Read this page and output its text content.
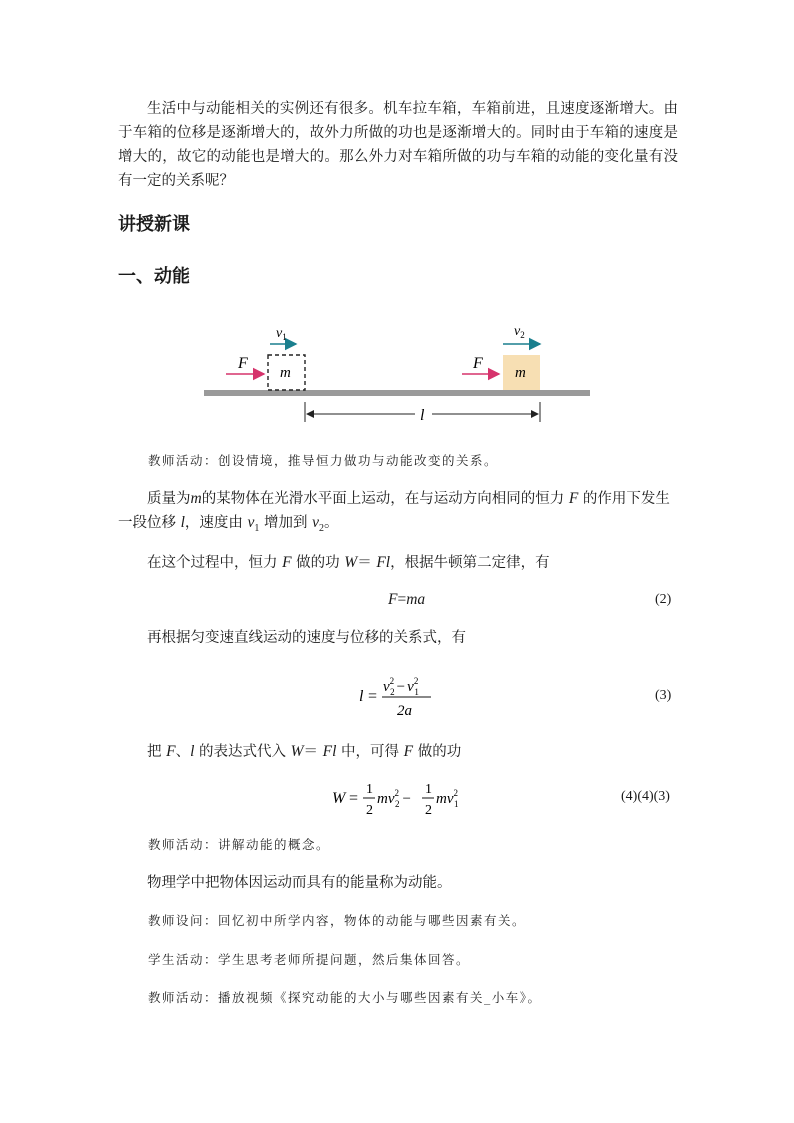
生活中与动能相关的实例还有很多。机车拉车箱，车箱前进，且速度逐渐增大。由于车箱的位移是逐渐增大的，故外力所做的功也是逐渐增大的。同时由于车箱的速度是增大的，故它的动能也是增大的。那么外力对车箱所做的功与车箱的动能的变化量有没有一定的关系呢？
讲授新课
一、动能
m
F
$v_1$
m
F
$v_2$
l
教师活动：创设情境，推导恒力做功与动能改变的关系。
质量为m的某物体在光滑水平面上运动，在与运动方向相同的恒力 F 的作用下发生一段位移 l，速度由 $v_1$ 增加到 $v_2$。
在这个过程中，恒力 F 做的功 W＝ Fl，根据牛顿第二定律，有
F=ma	(2)
再根据匀变速直线运动的速度与位移的关系式，有
l =
$v^2$ $2 - v^2$ 1
2a
(3)
把 F、l 的表达式代入 W＝ Fl 中，可得 F 做的功
W =
1
2
$mv^2$ 2 −
1
2
$mv^2$ 1	(4)(4)(3)
教师活动：讲解动能的概念。
物理学中把物体因运动而具有的能量称为动能。
教师设问：回忆初中所学内容，物体的动能与哪些因素有关。
学生活动：学生思考老师所提问题，然后集体回答。
教师活动：播放视频《探究动能的大小与哪些因素有关_小车》。
